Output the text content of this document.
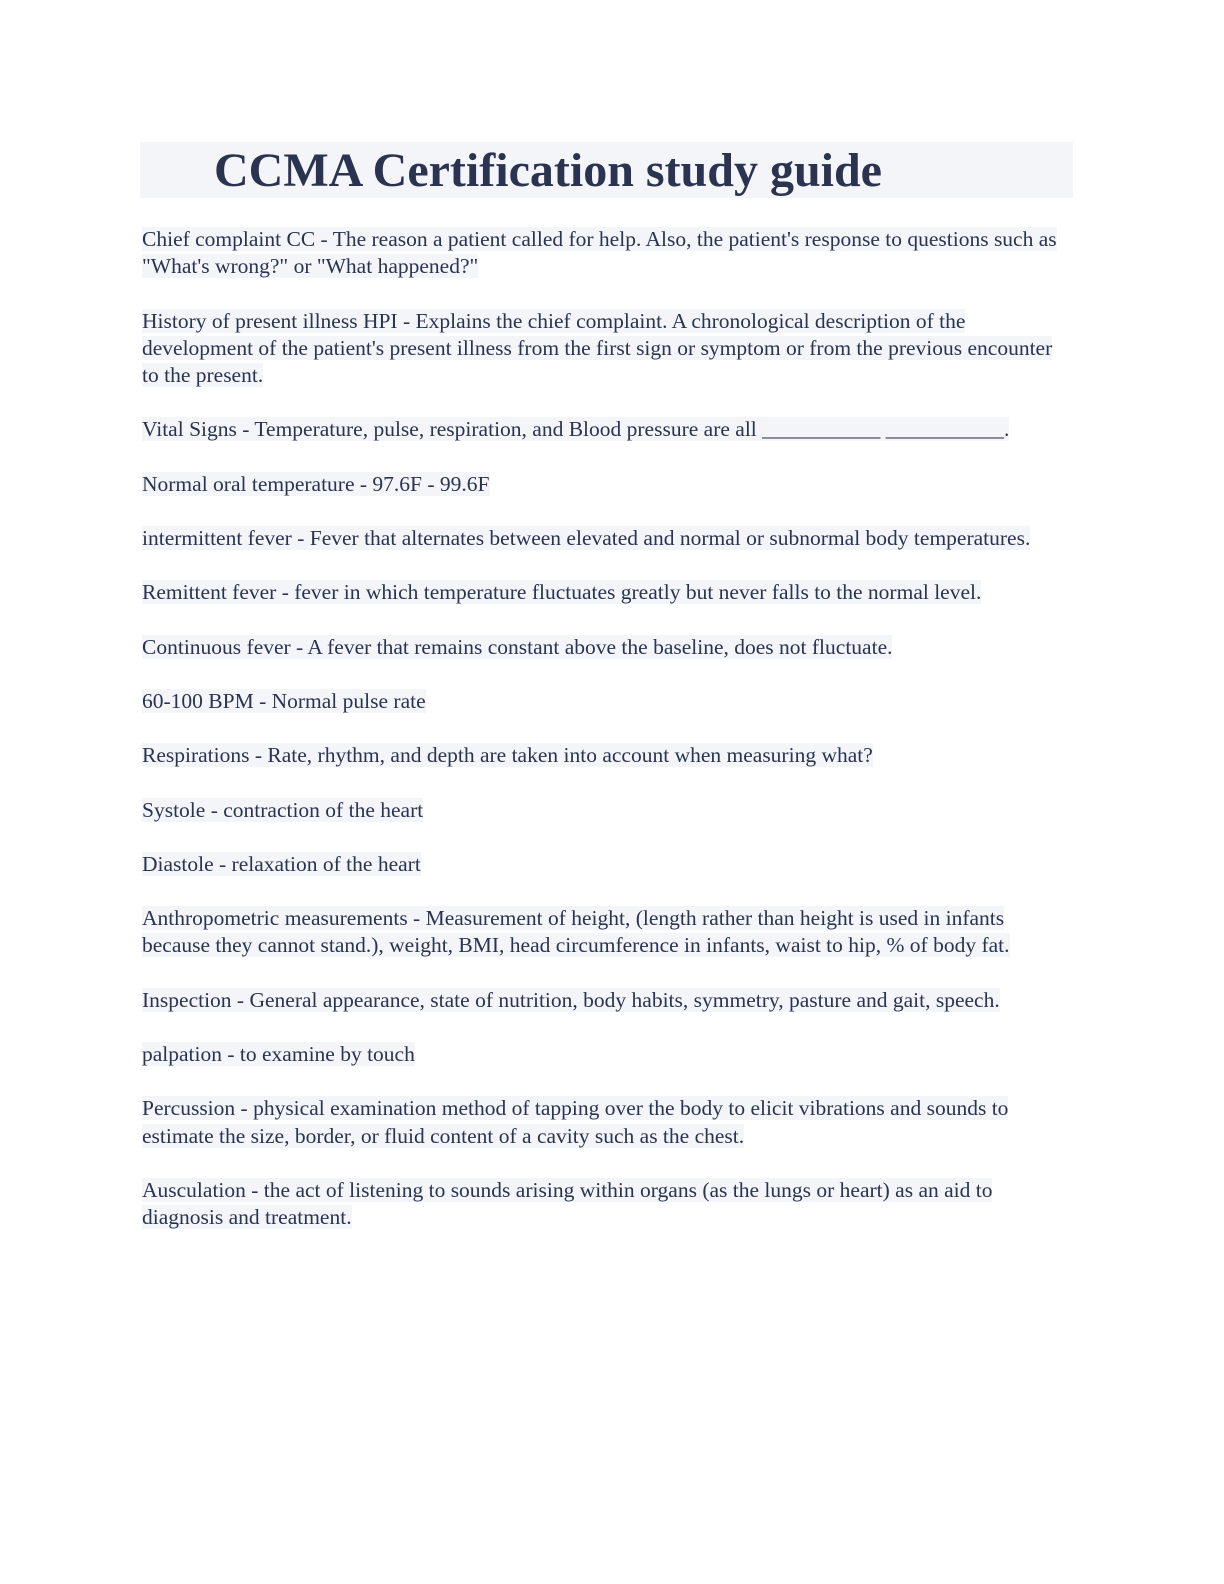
CCMA Certification study guide
Chief complaint CC - The reason a patient called for help. Also, the patient's response to questions such as "What's wrong?" or "What happened?"
History of present illness HPI - Explains the chief complaint. A chronological description of the development of the patient's present illness from the first sign or symptom or from the previous encounter to the present.
Vital Signs - Temperature, pulse, respiration, and Blood pressure are all ___________ ___________.
Normal oral temperature - 97.6F - 99.6F
intermittent fever - Fever that alternates between elevated and normal or subnormal body temperatures.
Remittent fever - fever in which temperature fluctuates greatly but never falls to the normal level.
Continuous fever - A fever that remains constant above the baseline, does not fluctuate.
60-100 BPM - Normal pulse rate
Respirations - Rate, rhythm, and depth are taken into account when measuring what?
Systole - contraction of the heart
Diastole - relaxation of the heart
Anthropometric measurements - Measurement of height, (length rather than height is used in infants because they cannot stand.), weight, BMI, head circumference in infants, waist to hip, % of body fat.
Inspection - General appearance, state of nutrition, body habits, symmetry, pasture and gait, speech.
palpation - to examine by touch
Percussion - physical examination method of tapping over the body to elicit vibrations and sounds to estimate the size, border, or fluid content of a cavity such as the chest.
Ausculation - the act of listening to sounds arising within organs (as the lungs or heart) as an aid to diagnosis and treatment.
